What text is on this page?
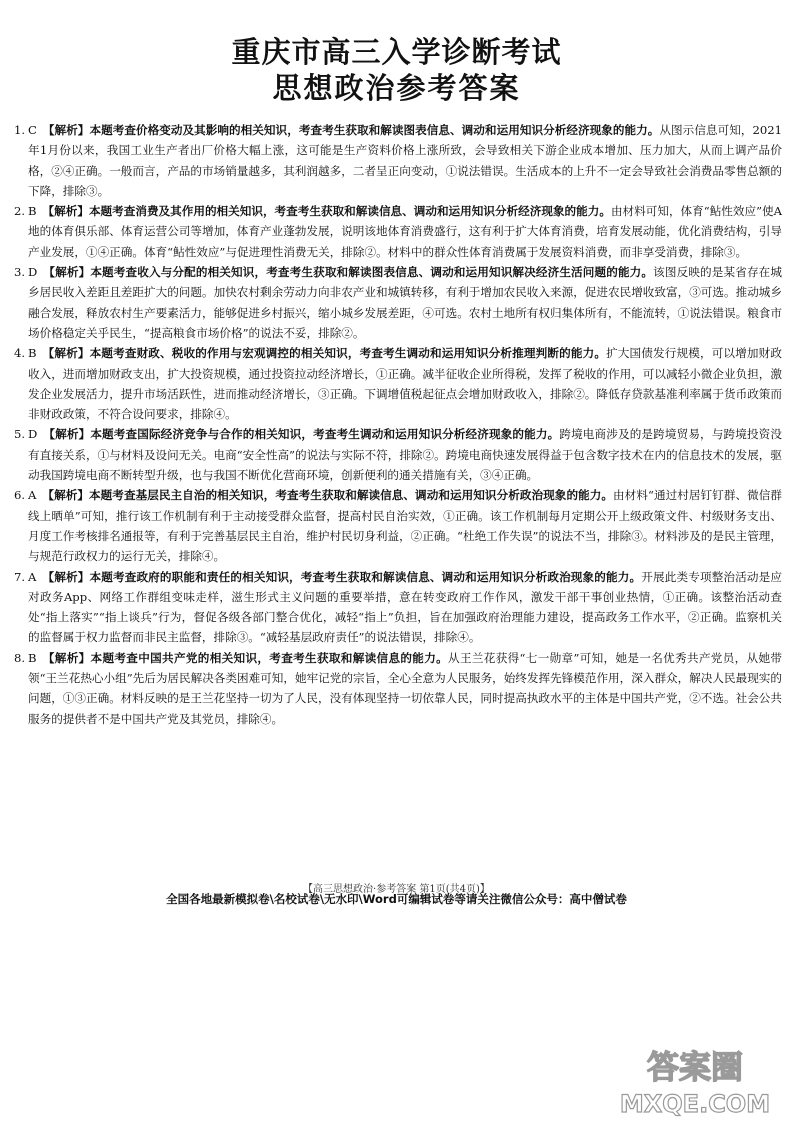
重庆市高三入学诊断考试
思想政治参考答案

1. C 【解析】本题考查价格变动及其影响的相关知识，考查考生获取和解读图表信息、调动和运用知识分析经济现象的能力。从图示信息可知，2021年1月份以来，我国工业生产者出厂价格大幅上涨，这可能是生产资料价格上涨所致，会导致相关下游企业成本增加、压力加大，从而上调产品价格，②④正确。一般而言，产品的市场销量越多，其利润越多，二者呈正向变动，①说法错误。生活成本的上升不一定会导致社会消费品零售总额的下降，排除③。

2. B 【解析】本题考查消费及其作用的相关知识，考查考生获取和解读信息、调动和运用知识分析经济现象的能力。由材料可知，体育“鲇性效应”使A地的体育俱乐部、体育运营公司等增加，体育产业蓬勃发展，说明该地体育消费盛行，这有利于扩大体育消费，培育发展动能，优化消费结构，引导产业发展，①④正确。体育“鲇性效应”与促进理性消费无关，排除②。材料中的群众性体育消费属于发展资料消费，而非享受消费，排除③。

3. D 【解析】本题考查收入与分配的相关知识，考查考生获取和解读图表信息、调动和运用知识解决经济生活问题的能力。该图反映的是某省存在城乡居民收入差距且差距扩大的问题。加快农村剩余劳动力向非农产业和城镇转移，有利于增加农民收入来源，促进农民增收致富，③可选。推动城乡融合发展，释放农村生产要素活力，能够促进乡村振兴，缩小城乡发展差距，④可选。农村土地所有权归集体所有，不能流转，①说法错误。粮食市场价格稳定关乎民生，“提高粮食市场价格”的说法不妥，排除②。

4. B 【解析】本题考查财政、税收的作用与宏观调控的相关知识，考查考生调动和运用知识分析推理判断的能力。扩大国债发行规模，可以增加财政收入，进而增加财政支出，扩大投资规模，通过投资拉动经济增长，①正确。减半征收企业所得税，发挥了税收的作用，可以减轻小微企业负担，激发企业发展活力，提升市场活跃性，进而推动经济增长，③正确。下调增值税起征点会增加财政收入，排除②。降低存贷款基准利率属于货币政策而非财政政策，不符合设问要求，排除④。

5. D 【解析】本题考查国际经济竞争与合作的相关知识，考查考生调动和运用知识分析经济现象的能力。跨境电商涉及的是跨境贸易，与跨境投资没有直接关系，①与材料及设问无关。电商“安全性高”的说法与实际不符，排除②。跨境电商快速发展得益于包含数字技术在内的信息技术的发展，驱动我国跨境电商不断转型升级，也与我国不断优化营商环境，创新便利的通关措施有关，③④正确。

6. A 【解析】本题考查基层民主自治的相关知识，考查考生获取和解读信息、调动和运用知识分析政治现象的能力。由材料“通过村居钉钉群、微信群线上晒单”可知，推行该工作机制有利于主动接受群众监督，提高村民自治实效，①正确。该工作机制每月定期公开上级政策文件、村级财务支出、月度工作考核排名通报等，有利于完善基层民主自治，维护村民切身利益，②正确。“杜绝工作失误”的说法不当，排除③。材料涉及的是民主管理，与规范行政权力的运行无关，排除④。

7. A 【解析】本题考查政府的职能和责任的相关知识，考查考生获取和解读信息、调动和运用知识分析政治现象的能力。开展此类专项整治活动是应对政务App、网络工作群组变味走样，滋生形式主义问题的重要举措，意在转变政府工作作风，激发干部干事创业热情，①正确。该整治活动查处“指上落实”“指上谈兵”行为，督促各级各部门整合优化，减轻“指上”负担，旨在加强政府治理能力建设，提高政务工作水平，②正确。监察机关的监督属于权力监督而非民主监督，排除③。“减轻基层政府责任”的说法错误，排除④。

8. B 【解析】本题考查中国共产党的相关知识，考查考生获取和解读信息的能力。从王兰花获得“七一勋章”可知，她是一名优秀共产党员，从她带领“王兰花热心小组”先后为居民解决各类困难可知，她牢记党的宗旨，全心全意为人民服务，始终发挥先锋模范作用，深入群众，解决人民最现实的问题，①③正确。材料反映的是王兰花坚持一切为了人民，没有体现坚持一切依靠人民，同时提高执政水平的主体是中国共产党，②不选。社会公共服务的提供者不是中国共产党及其党员，排除④。

【高三思想政治·参考答案 第1页(共4页)】
全国各地最新模拟卷\名校试卷\无水印\Word可编辑试卷等请关注微信公众号：高中僧试卷
答案圈
MXQE.COM
